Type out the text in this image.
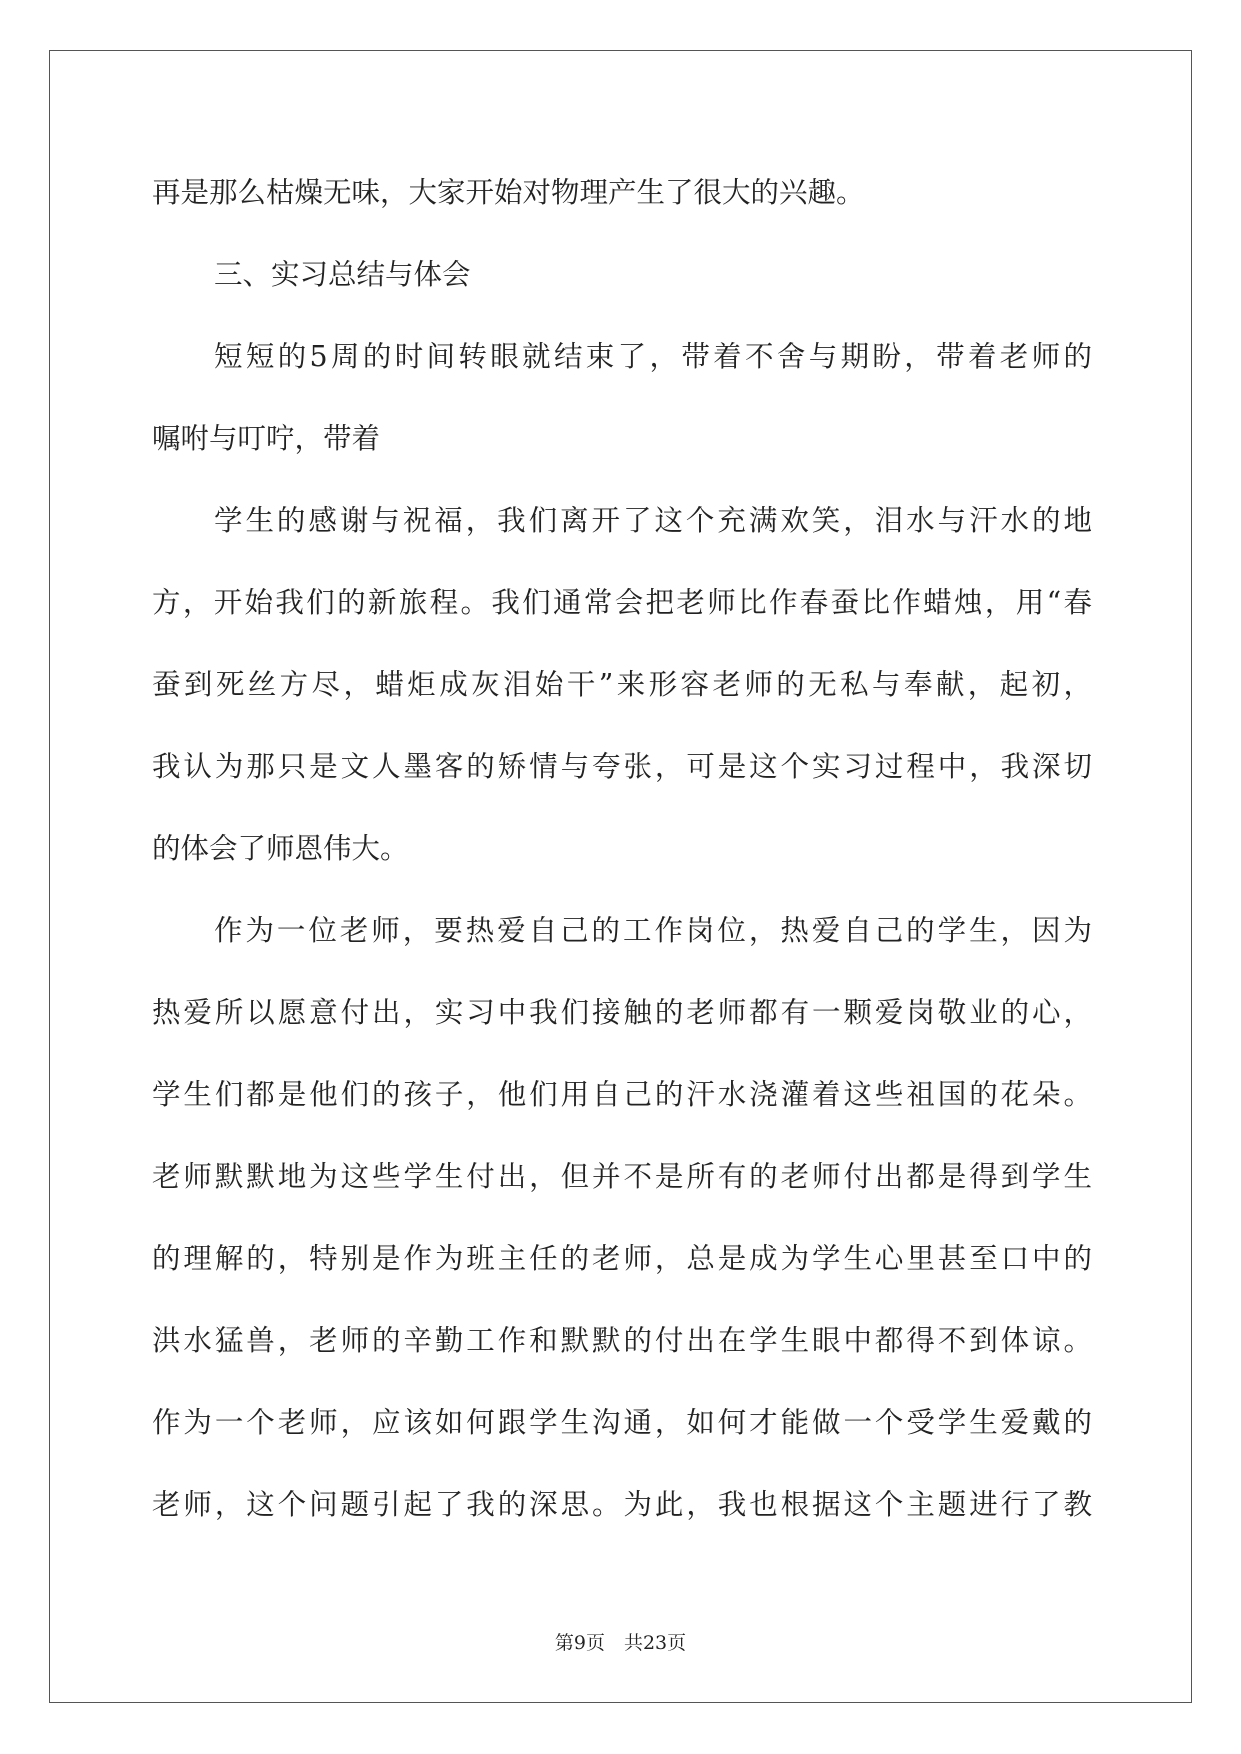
再是那么枯燥无味，大家开始对物理产生了很大的兴趣。
三、实习总结与体会
短短的5周的时间转眼就结束了，带着不舍与期盼，带着老师的
嘱咐与叮咛，带着
学生的感谢与祝福，我们离开了这个充满欢笑，泪水与汗水的地
方，开始我们的新旅程。我们通常会把老师比作春蚕比作蜡烛，用“春
蚕到死丝方尽，蜡炬成灰泪始干”来形容老师的无私与奉献，起初，
我认为那只是文人墨客的矫情与夸张，可是这个实习过程中，我深切
的体会了师恩伟大。
作为一位老师，要热爱自己的工作岗位，热爱自己的学生，因为
热爱所以愿意付出，实习中我们接触的老师都有一颗爱岗敬业的心，
学生们都是他们的孩子，他们用自己的汗水浇灌着这些祖国的花朵。
老师默默地为这些学生付出，但并不是所有的老师付出都是得到学生
的理解的，特别是作为班主任的老师，总是成为学生心里甚至口中的
洪水猛兽，老师的辛勤工作和默默的付出在学生眼中都得不到体谅。
作为一个老师，应该如何跟学生沟通，如何才能做一个受学生爱戴的
老师，这个问题引起了我的深思。为此，我也根据这个主题进行了教
第9页　共23页
